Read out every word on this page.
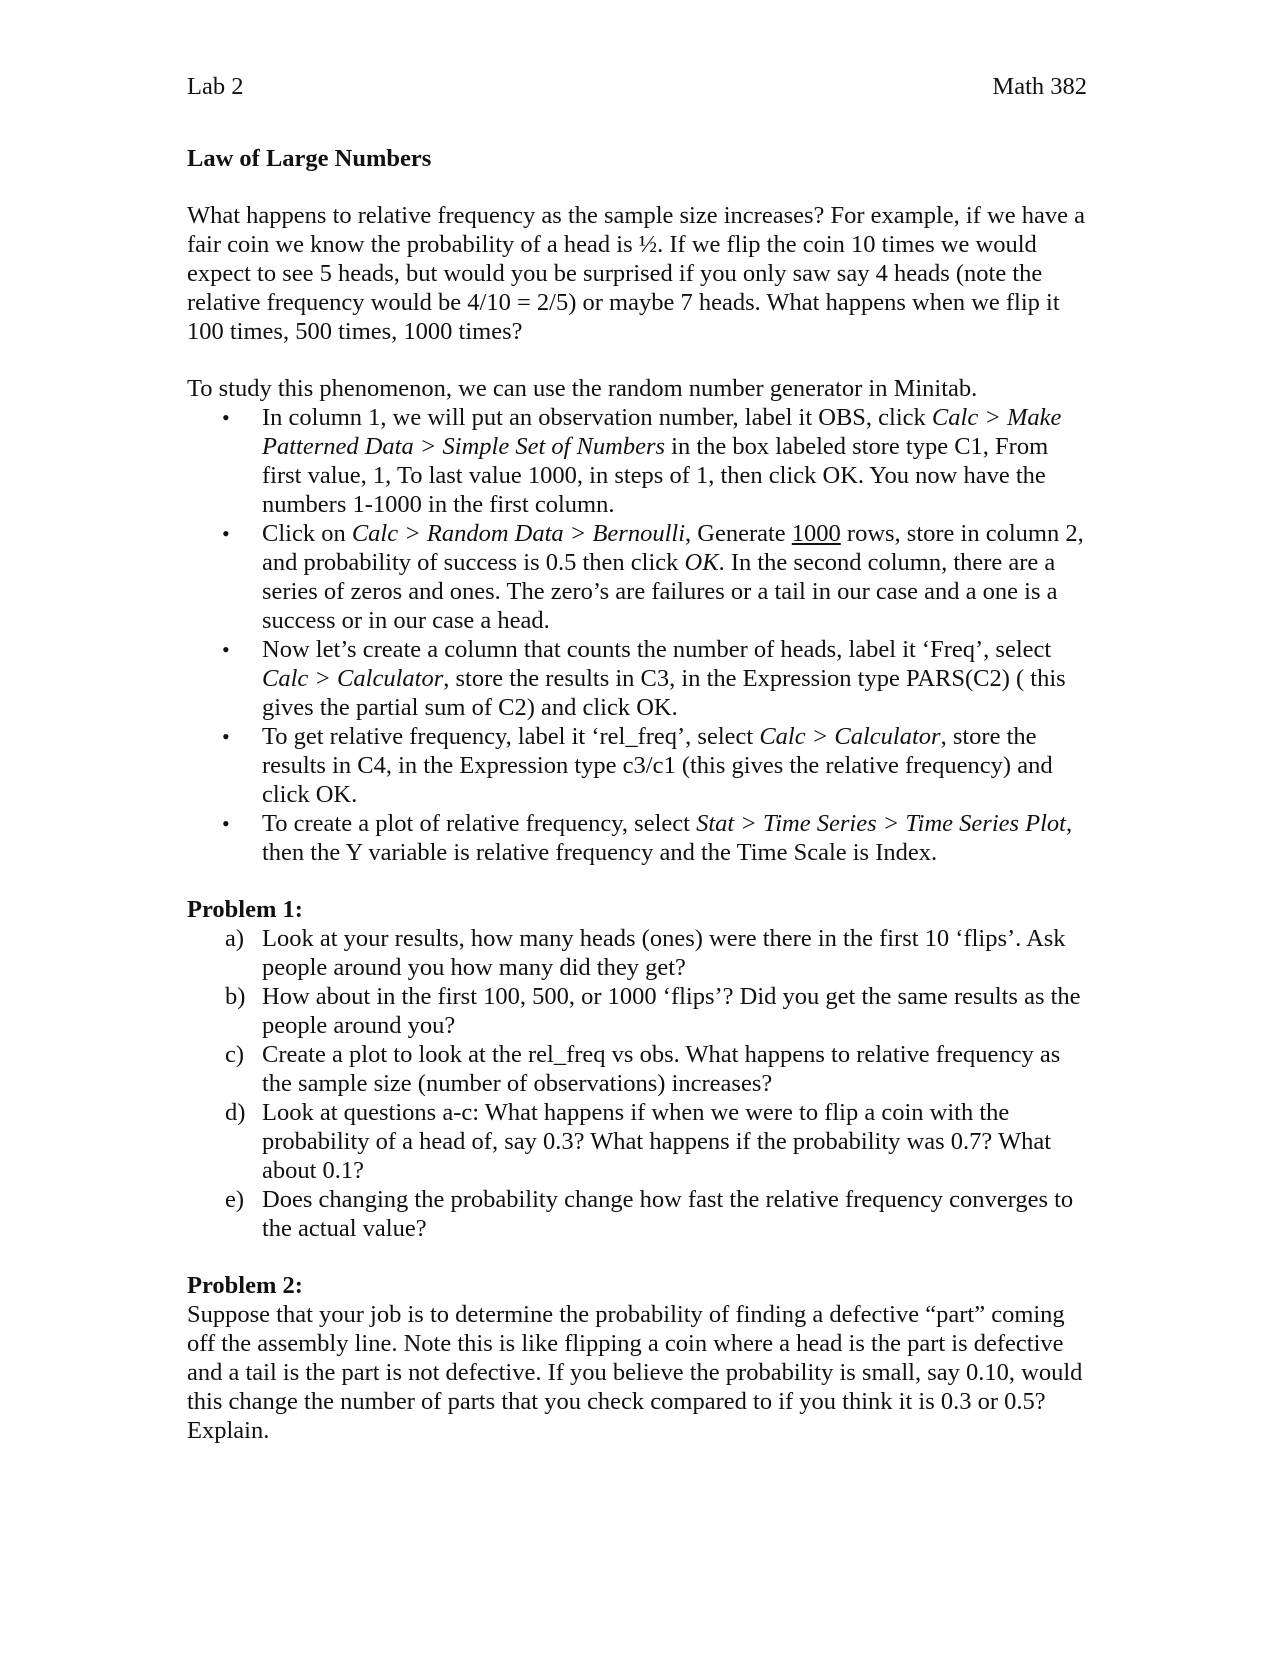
Lab 2	Math 382
Law of Large Numbers

What happens to relative frequency as the sample size increases? For example, if we have a fair coin we know the probability of a head is ½. If we flip the coin 10 times we would expect to see 5 heads, but would you be surprised if you only saw say 4 heads (note the relative frequency would be 4/10 = 2/5) or maybe 7 heads. What happens when we flip it 100 times, 500 times, 1000 times?

To study this phenomenon, we can use the random number generator in Minitab.

• In column 1, we will put an observation number, label it OBS, click Calc > Make Patterned Data > Simple Set of Numbers in the box labeled store type C1, From first value, 1, To last value 1000, in steps of 1, then click OK. You now have the numbers 1-1000 in the first column.
• Click on Calc > Random Data > Bernoulli, Generate 1000 rows, store in column 2, and probability of success is 0.5 then click OK. In the second column, there are a series of zeros and ones. The zero’s are failures or a tail in our case and a one is a success or in our case a head.
• Now let’s create a column that counts the number of heads, label it ‘Freq’, select Calc > Calculator, store the results in C3, in the Expression type PARS(C2) ( this gives the partial sum of C2) and click OK.
• To get relative frequency, label it ‘rel_freq’, select Calc > Calculator, store the results in C4, in the Expression type c3/c1 (this gives the relative frequency) and click OK.
• To create a plot of relative frequency, select Stat > Time Series > Time Series Plot, then the Y variable is relative frequency and the Time Scale is Index.
Problem 1:
a) Look at your results, how many heads (ones) were there in the first 10 ‘flips’. Ask people around you how many did they get?
b) How about in the first 100, 500, or 1000 ‘flips’? Did you get the same results as the people around you?
c) Create a plot to look at the rel_freq vs obs. What happens to relative frequency as the sample size (number of observations) increases?
d) Look at questions a-c: What happens if when we were to flip a coin with the probability of a head of, say 0.3? What happens if the probability was 0.7? What about 0.1?
e) Does changing the probability change how fast the relative frequency converges to the actual value?
Problem 2:

Suppose that your job is to determine the probability of finding a defective “part” coming off the assembly line. Note this is like flipping a coin where a head is the part is defective and a tail is the part is not defective. If you believe the probability is small, say 0.10, would this change the number of parts that you check compared to if you think it is 0.3 or 0.5? Explain.
